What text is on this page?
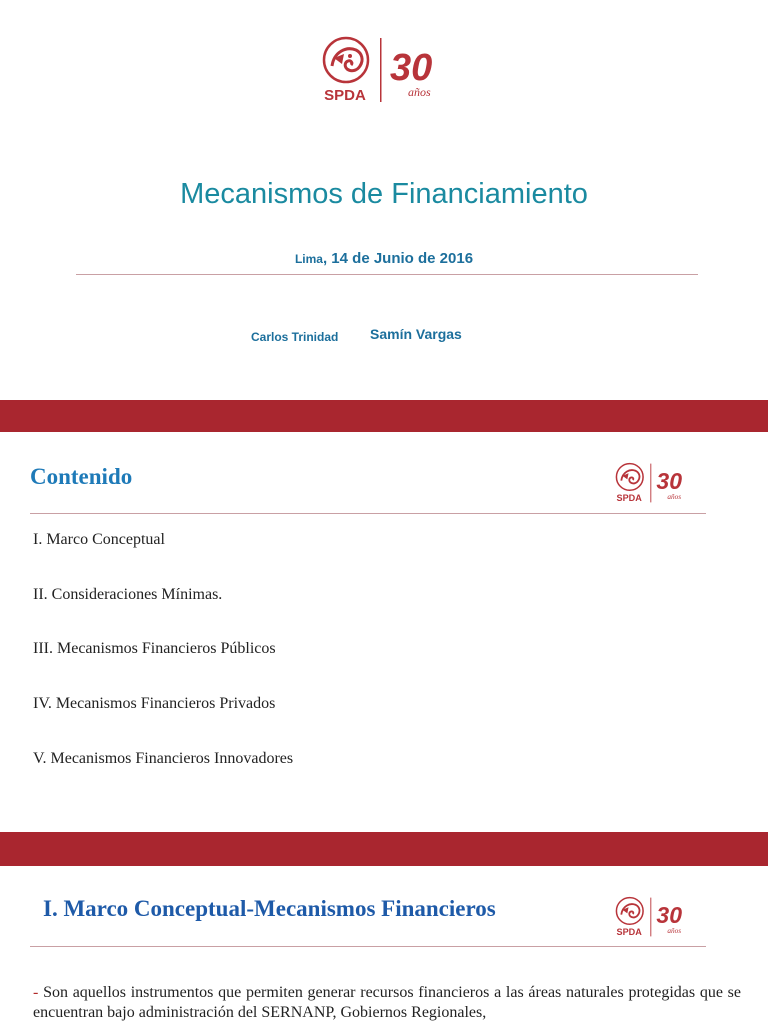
SPDA
30
años
Mecanismos de Financiamiento
Lima, 14 de Junio de 2016
Carlos Trinidad Samín Vargas
Contenido
SPDA
30
años
I. Marco Conceptual
II. Consideraciones Mínimas.
III. Mecanismos Financieros Públicos
IV. Mecanismos Financieros Privados
V. Mecanismos Financieros Innovadores
I. Marco Conceptual-Mecanismos Financieros
SPDA
30
años

- Son aquellos instrumentos que permiten generar recursos financieros a las áreas naturales protegidas que se encuentran bajo administración del SERNANP, Gobiernos Regionales,
